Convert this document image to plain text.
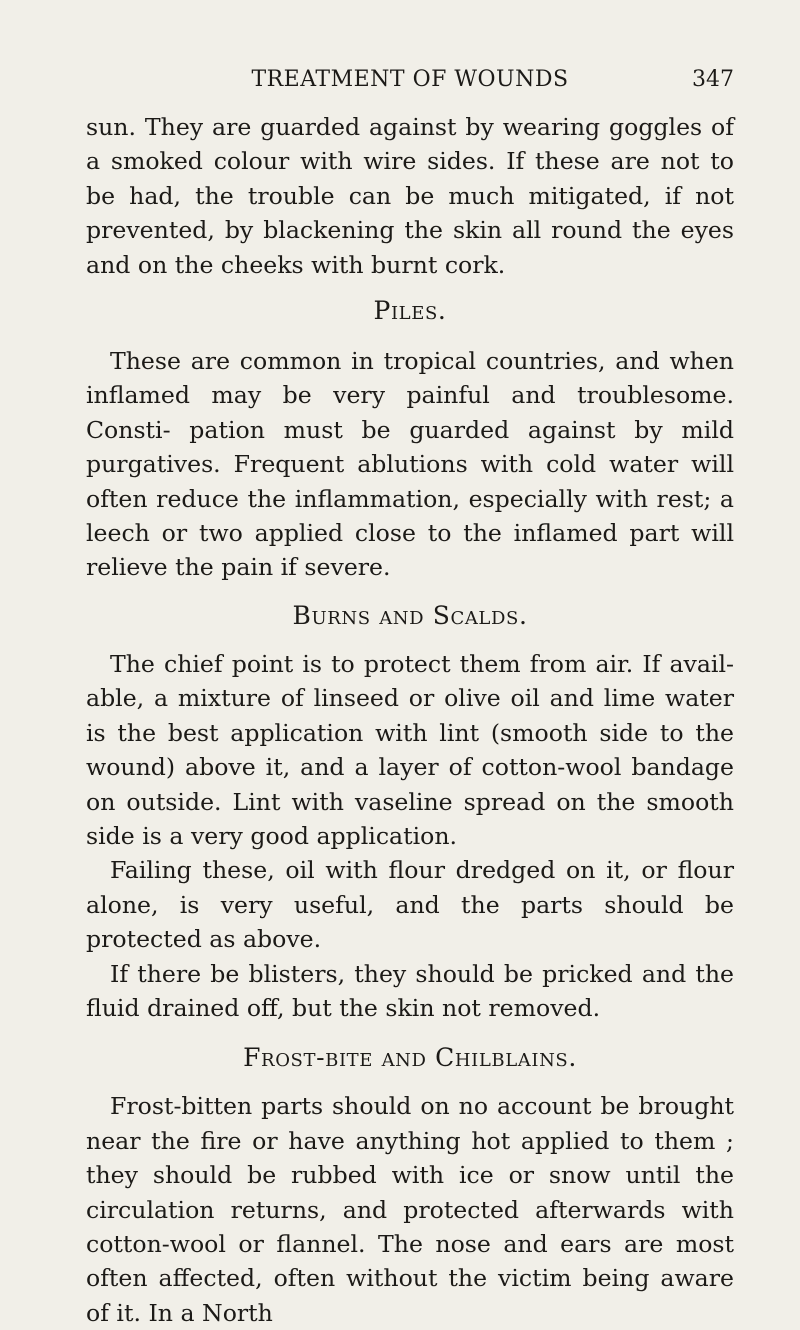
TREATMENT OF WOUNDS	347

sun. They are guarded against by wearing goggles of a smoked colour with wire sides. If these are not to be had, the trouble can be much mitigated, if not prevented, by blackening the skin all round the eyes and on the cheeks with burnt cork.

Piles.

These are common in tropical countries, and when inflamed may be very painful and troublesome. Consti- pation must be guarded against by mild purgatives. Frequent ablutions with cold water will often reduce the inflammation, especially with rest; a leech or two applied close to the inflamed part will relieve the pain if severe.

Burns and Scalds.

The chief point is to protect them from air. If avail- able, a mixture of linseed or olive oil and lime water is the best application with lint (smooth side to the wound) above it, and a layer of cotton-wool bandage on outside. Lint with vaseline spread on the smooth side is a very good application.

Failing these, oil with flour dredged on it, or flour alone, is very useful, and the parts should be protected as above.

If there be blisters, they should be pricked and the fluid drained off, but the skin not removed.

Frost-bite and Chilblains.

Frost-bitten parts should on no account be brought near the fire or have anything hot applied to them ; they should be rubbed with ice or snow until the circulation returns, and protected afterwards with cotton-wool or flannel. The nose and ears are most often affected, often without the victim being aware of it. In a North
